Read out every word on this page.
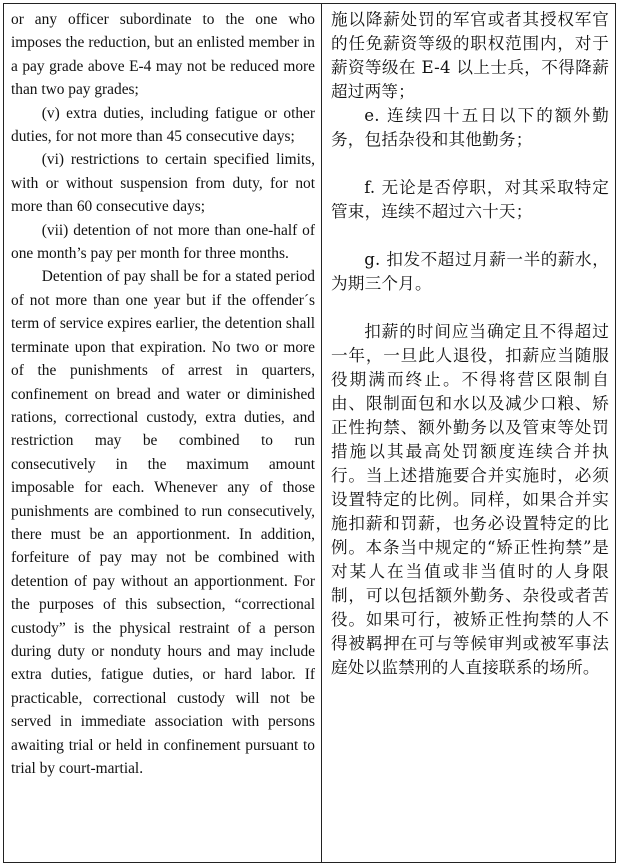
or any officer subordinate to the one who imposes the reduction, but an enlisted member in a pay grade above E-4 may not be reduced more than two pay grades;

(v) extra duties, including fatigue or other duties, for not more than 45 consecutive days;

(vi) restrictions to certain specified limits, with or without suspension from duty, for not more than 60 consecutive days;

(vii) detention of not more than one-half of one month’s pay per month for three months.

Detention of pay shall be for a stated period of not more than one year but if the offender´s term of service expires earlier, the detention shall terminate upon that expiration. No two or more of the punishments of arrest in quarters, confinement on bread and water or diminished rations, correctional custody, extra duties, and restriction may be combined to run consecutively in the maximum amount imposable for each. Whenever any of those punishments are combined to run consecutively, there must be an apportionment. In addition, forfeiture of pay may not be combined with detention of pay without an apportionment. For the purposes of this subsection, “correctional custody” is the physical restraint of a person during duty or nonduty hours and may include extra duties, fatigue duties, or hard labor. If practicable, correctional custody will not be served in immediate association with persons awaiting trial or held in confinement pursuant to trial by court-martial.

施以降薪处罚的军官或者其授权军官的任免薪资等级的职权范围内，对于薪资等级在 E-4 以上士兵，不得降薪超过两等；

e. 连续四十五日以下的额外勤务，包括杂役和其他勤务；

f. 无论是否停职，对其采取特定管束，连续不超过六十天；

g. 扣发不超过月薪一半的薪水，为期三个月。

扣薪的时间应当确定且不得超过一年，一旦此人退役，扣薪应当随服役期满而终止。不得将营区限制自由、限制面包和水以及减少口粮、矫正性拘禁、额外勤务以及管束等处罚措施以其最高处罚额度连续合并执行。当上述措施要合并实施时，必须设置特定的比例。同样，如果合并实施扣薪和罚薪，也务必设置特定的比例。本条当中规定的“矫正性拘禁”是对某人在当值或非当值时的人身限制，可以包括额外勤务、杂役或者苦役。如果可行，被矫正性拘禁的人不得被羁押在可与等候审判或被军事法庭处以监禁刑的人直接联系的场所。
